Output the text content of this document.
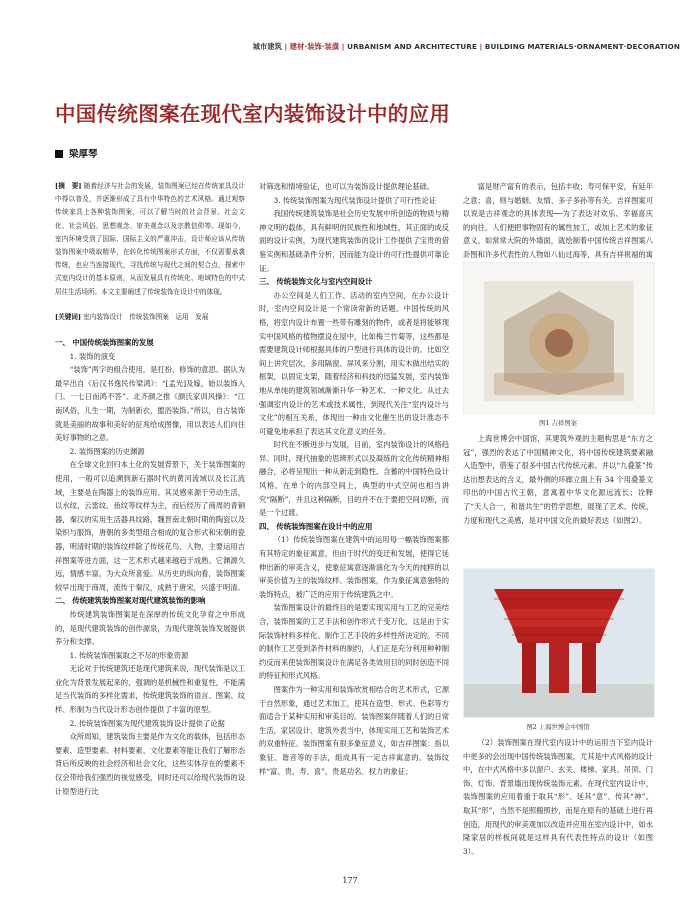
城市建筑 | 建材·装饰·装潢 | URBANISM AND ARCHITECTURE | BUILDING MATERIALS·ORNAMENT·DECORATION
中国传统图案在现代室内装饰设计中的应用
梁厚琴

[摘　要] 随着经济与社会的发展，装饰图案已经在传统家具设计中得以普及，并逐渐形成了具有中华特色的艺术风格。通过观察传统家具上各种装饰图案，可以了解当时的社会背景、社会文化、社会风俗、思想观念、审美观念以及宗教信仰等。现如今，室内环境受到了国际、国际主义的严重冲击，设计师应该从传统装饰图案中吸取精华，在转化传统图案形式方面，不仅需要承袭传统，也应当连接现代，寻找传统与现代之间的契合点，探索中式室内设计的基本原则，从而发展具有传统化、地域特色的中式居住生活场所。本文主要阐述了传统装饰在设计中的体现。

[关键词] 室内装饰设计　传统装饰图案　运用　发展

一、 中国传统装饰图案的发展
1. 装饰的演变

“装饰”两字的组合使用，是打扮、修饰的意思。据认为最早出自《后汉书逸民传梁鸿》：“[孟光]及嫁，始以装饰入门。一七日而鸿不答”。北齐颜之推《颜氏家训风操》：“江南风俗，儿生一期，为制新衣，盥浴装饰。”所以，自古装饰就是美丽的故事和美好的征兆给成图像，用以表达人们向往美好事物的之意。

2. 装饰图案的历史渊源

在全球文化回归本土化的发展背景下，关于装饰图案的使用，一般可以追溯到新石器时代的黄河流域以及长江流域，主要是在陶器上的装饰应用。其灵感来源于劳动生活，以水纹、云雷纹、鱼纹等纹样为主，而后经历了商周的青铜器，秦汉的实用生活器具纹路，魏晋南北朝时期的陶瓷以及染织与服饰，唐朝的多类型组合相成的复合形式和宋朝的瓷器，明清时期的装饰纹样除了传统花鸟、人物，主要运用吉祥图案等进方面，这一艺术形式越来越趋于成熟。它渊源久远，情感丰富，为大众所喜爱。从历史的纵向看，装饰图案较早出现于商周，流传于秦汉，成熟于唐宋，兴盛于明清。

二、 传统建筑装饰图案对现代建筑装饰的影响

传统建筑装饰图案是在深厚的传统文化孕育之中形成的，是现代建筑装饰的创作源泉，为现代建筑装饰发展提供养分和支撑。

1. 传统装饰图案取之不尽的形象资源

无论对于传统建筑还是现代建筑来说，现代装饰是以工业化为背景发展起来的，强调的是机械性和重复性，不能满足当代装饰的多样化需求，传统建筑装饰的语言、图案、纹样、形制为当代设计形态创作提供了丰富的原型。

2. 传统装饰图案为现代建筑装饰设计提供了论据

众所周知，建筑装饰主要是作为文化的载体，包括形态要素、造型要素、材料要素、文化要素等能让我们了解形态背后所反映的社会经济和社会文化，这些实体存在的要素不仅会带给我们强烈的视觉感受，同时还可以给现代装饰的设计原型进行比

对筛选和情境验证，也可以为装饰设计提供理论基础。

3. 传统装饰图案为现代装饰设计提供了可行性论证

我国传统建筑装饰是社会历史发展中所创造的物质与精神文明的载体，具有鲜明的民族性和地域性，其正面的成反面的设计实例，为现代建筑装饰的设计工作提供了宝贵的借鉴实例和基础条件分析，因而能为设计的可行性提供可靠论证。

三、 传统装饰文化与室内空间设计

办公空间是人们工作、活动的室内空间，在办公设计时，室内空间设计是一个常读常新的话题。中国传统的风格，将室内设计布置一些带有雕刻的物件，或者是将能够现实中国风格的植物摆设在屋中，比如梅兰竹菊等，这些都是需要建筑设计师根据具体的户型进行具体的设计的。比如空间上讲究层次，多用隔窗、屏风来分割，用实木做出结实的框架，以固定支架，随着经济和科技的迅猛发展，室内装饰地从单纯的建筑领域渐渐升华一种艺术、一种文化。从过去强调室内设计的艺术或技术属性，到现代关注“室内设计与文化”的相互关系，体现出一种由文化催生出的设计准态不可避免地承担了表达其文化意义的任务。

时代在不断进步与发展，目前，室内装饰设计的风格趋异。同时，现代抽象的思辨形式以及凝练的文化传统精神相融合，必将呈现出一种从新走到隐性、含蓄的中国特色设计风格。在单个的内部空间上，典型的中式空间也相当讲究“隔断”，并且这种隔断，目的并不在于要把空间切断，而是一个过渡。

四、 传统装饰图案在设计中的应用

（1）传统装饰图案在建筑中的运用每一幅装饰图案都有其特定的象征寓意，但由于时代的变迁和发展，使得它延伸出新的审美含义，使象征寓意逐渐演化为今天的纯粹的以审美价值为主的装饰纹样。装饰图案，作为象征寓意独特的装饰特点，被广泛的应用于传统建筑之中。

装饰图案设计的最终目的是要实现实用与工艺的完美结合，装饰图案的工艺手法和创作形式千变万化，这是由于实际装饰材料多样化、制作工艺手段的多样性所决定的。不同的制作工艺受到条件材料的制约，人们正是充分利用种种制约反而来使装饰图案设计在满足各类效用目的同时创造不同的特征和形式风格。

图案作为一种实用和装饰欣赏相结合的艺术形式，它源于自然形象，通过艺术加工，使其在造型、形式、色彩等方面适合于某种实用和审美目的。装饰图案伴随着人们的日常生活，家居设计、建筑外表当中，体现实用工艺和装饰艺术的双重特征。装饰图案有很多象征意义，如吉祥图案：指以象征、谐音等的手法，组成具有一定吉祥寓意的。装饰纹样“富、贵、寿、喜”，贵是功名、权力的象征；

富是财产富有的表示，包括丰收；寿可保平安，有延年之意；喜，则与婚姻、友情、多子多孙等有关。吉祥图案可以说是古祥观念的具体表现──为了表达对欢乐、幸福喜庆的向往，人们便把事物固有的属性加工，或加上艺术的象征意义，如常常大院的外墙面，就绘制着中国传统吉祥图案八卦图和许多代表性的人物如八仙过海等，具有吉祥祝福的寓

图1 吉祥图案

上海世博会中国馆，其建筑外观的主题构思是“东方之冠”，强烈的表达了中国精神文化，将中国传统建筑要素融入造型中，借鉴了很多中国古代传统元素。并以“九叠篆”传达出想表达的含义，最外侧的环廊立面上有 34 个用叠篆文印出的中国古代王朝，意寓着中华文化源远流长；诠释了“天人合一，和谐共生”的哲学思想，展现了艺术、传统、力度和现代之美感，是对中国文化的最好表达（如图2）。

图2 上海世博会中国馆

（2）装饰图案在现代室内设计中的运用当下室内设计中更多的会出现中国传统装饰图案，尤其是中式风格的设计中，在中式风格中多以窗户、玄关、楼梯、家具、吊顶、门饰、灯饰、背景墙出现传统装饰元素。在现代室内设计中，装饰图案的应用着重于取其“形”、延其“意”、传其“神”。取其“形”，当然不是照搬照抄，而是在原有的基础上进行再创造，用现代的审美观加以改造并应用在室内设计中，如水隆家居的样板间就是这样具有代表性特点的设计（如图3）。

177
